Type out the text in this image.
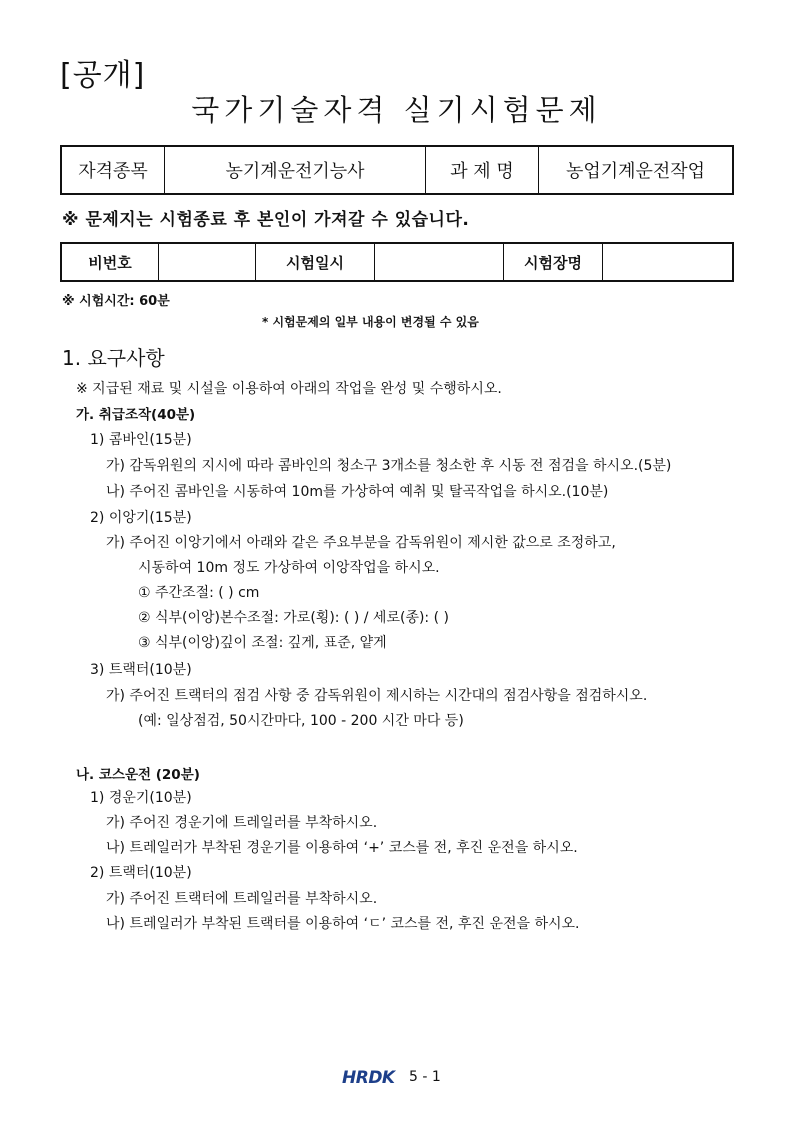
[공개]
국가기술자격 실기시험문제
자격종목	농기계운전기능사	과 제 명	농업기계운전작업
※ 문제지는 시험종료 후 본인이 가져갈 수 있습니다.
비번호		시험일시		시험장명	
※ 시험시간: 60분
* 시험문제의 일부 내용이 변경될 수 있음
1. 요구사항
※ 지급된 재료 및 시설을 이용하여 아래의 작업을 완성 및 수행하시오.
가. 취급조작(40분)
1) 콤바인(15분)
가) 감독위원의 지시에 따라 콤바인의 청소구 3개소를 청소한 후 시동 전 점검을 하시오.(5분)
나) 주어진 콤바인을 시동하여 10m를 가상하여 예취 및 탈곡작업을 하시오.(10분)
2) 이앙기(15분)
가) 주어진 이앙기에서 아래와 같은 주요부분을 감독위원이 제시한 값으로 조정하고,
시동하여 10m 정도 가상하여 이앙작업을 하시오.
① 주간조절: ( ) cm
② 식부(이앙)본수조절: 가로(횡): ( ) / 세로(종): ( )
③ 식부(이앙)깊이 조절: 깊게, 표준, 얕게
3) 트랙터(10분)
가) 주어진 트랙터의 점검 사항 중 감독위원이 제시하는 시간대의 점검사항을 점검하시오.
(예: 일상점검, 50시간마다, 100 - 200 시간 마다 등)
나. 코스운전 (20분)
1) 경운기(10분)
가) 주어진 경운기에 트레일러를 부착하시오.
나) 트레일러가 부착된 경운기를 이용하여 ‘+’ 코스를 전, 후진 운전을 하시오.
2) 트랙터(10분)
가) 주어진 트랙터에 트레일러를 부착하시오.
나) 트레일러가 부착된 트랙터를 이용하여 ‘ㄷ’ 코스를 전, 후진 운전을 하시오.
HRDK 5 - 1
